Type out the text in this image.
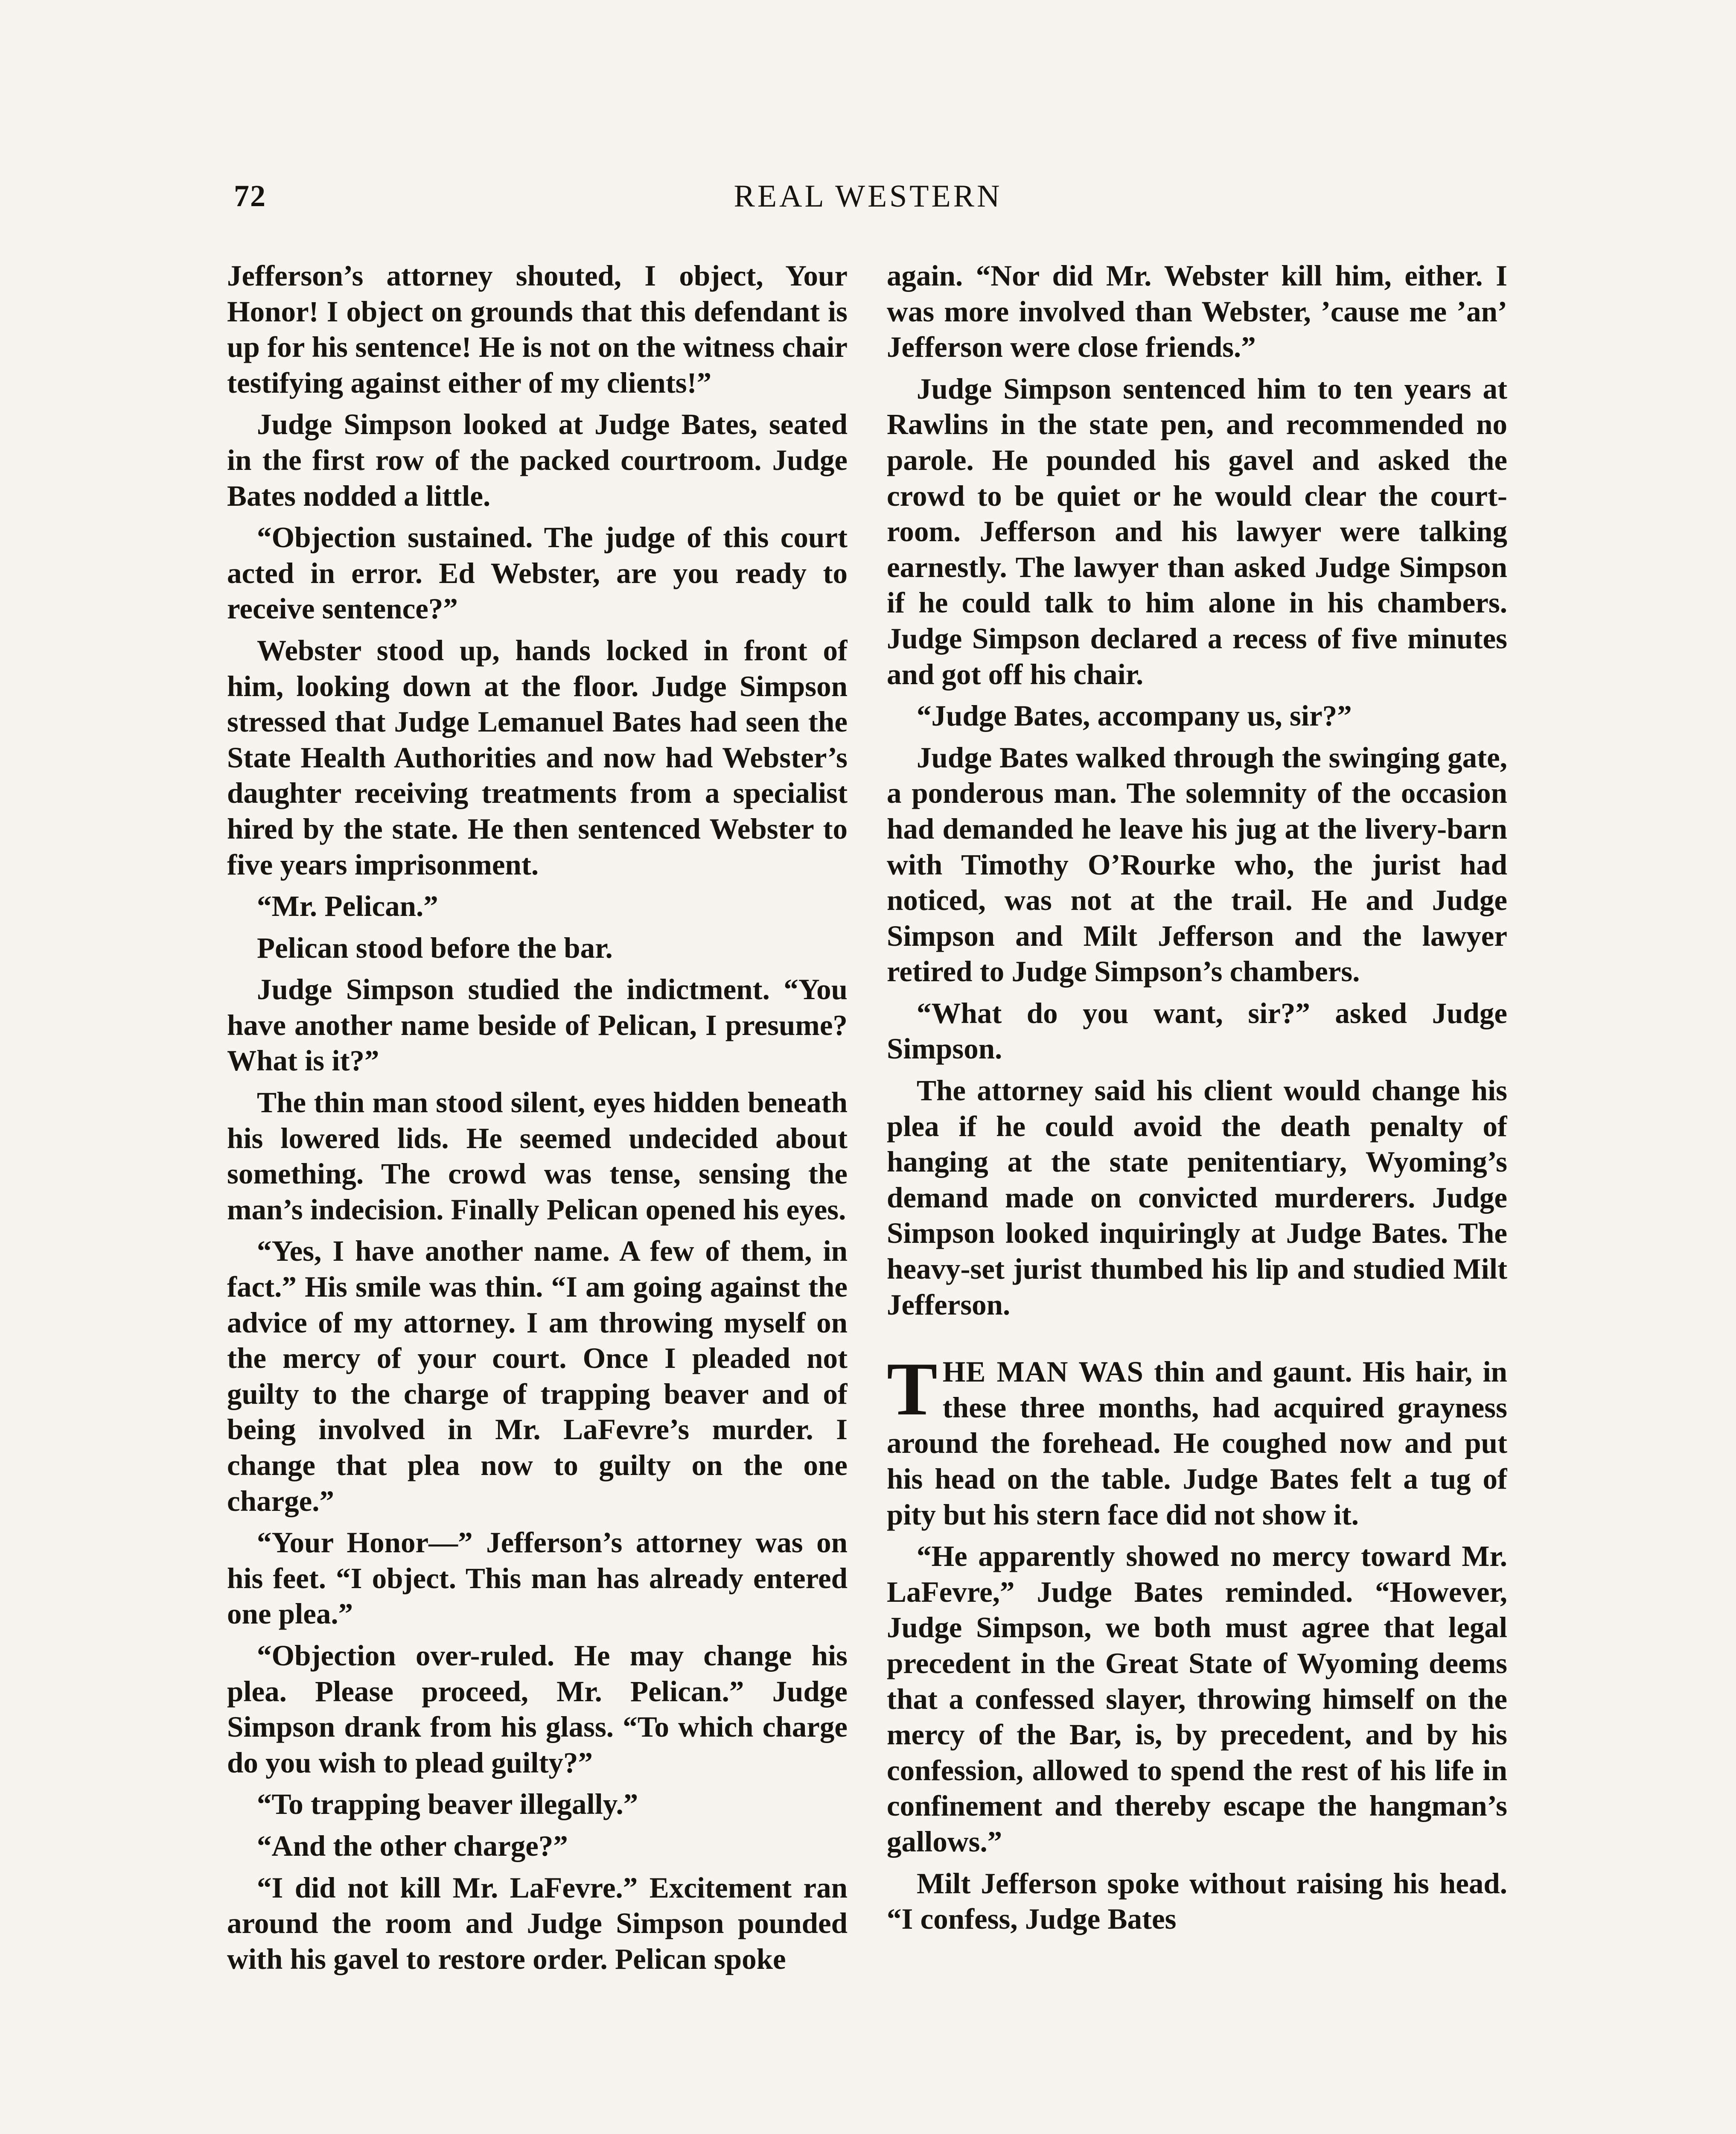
72	REAL WESTERN

Jefferson’s attorney shouted, I object, Your Honor! I object on grounds that this defendant is up for his sentence! He is not on the witness chair testifying against either of my clients!”

Judge Simpson looked at Judge Bates, seated in the first row of the packed courtroom. Judge Bates nodded a little.

“Objection sustained. The judge of this court acted in error. Ed Webster, are you ready to receive sentence?”

Webster stood up, hands locked in front of him, looking down at the floor. Judge Simpson stressed that Judge Lemanuel Bates had seen the State Health Authorities and now had Webster’s daughter receiving treatments from a specialist hired by the state. He then sentenced Webster to five years imprisonment.

“Mr. Pelican.”

Pelican stood before the bar.

Judge Simpson studied the indictment. “You have another name beside of Pelican, I presume? What is it?”

The thin man stood silent, eyes hidden beneath his lowered lids. He seemed undecided about something. The crowd was tense, sensing the man’s indecision. Finally Pelican opened his eyes.

“Yes, I have another name. A few of them, in fact.” His smile was thin. “I am going against the advice of my attorney. I am throwing myself on the mercy of your court. Once I pleaded not guilty to the charge of trapping beaver and of being involved in Mr. LaFevre’s murder. I change that plea now to guilty on the one charge.”

“Your Honor—” Jefferson’s attorney was on his feet. “I object. This man has already entered one plea.”

“Objection over-ruled. He may change his plea. Please proceed, Mr. Pelican.” Judge Simpson drank from his glass. “To which charge do you wish to plead guilty?”

“To trapping beaver illegally.”

“And the other charge?”

“I did not kill Mr. LaFevre.” Excitement ran around the room and Judge Simpson pounded with his gavel to restore order. Pelican spoke

again. “Nor did Mr. Webster kill him, either. I was more involved than Webster, ’cause me ’an’ Jefferson were close friends.”

Judge Simpson sentenced him to ten years at Rawlins in the state pen, and recommended no parole. He pounded his gavel and asked the crowd to be quiet or he would clear the court-room. Jefferson and his lawyer were talking earnestly. The lawyer than asked Judge Simpson if he could talk to him alone in his chambers. Judge Simpson declared a recess of five minutes and got off his chair.

“Judge Bates, accompany us, sir?”

Judge Bates walked through the swinging gate, a ponderous man. The solemnity of the occasion had demanded he leave his jug at the livery-barn with Timothy O’Rourke who, the jurist had noticed, was not at the trail. He and Judge Simpson and Milt Jefferson and the lawyer retired to Judge Simpson’s chambers.

“What do you want, sir?” asked Judge Simpson.

The attorney said his client would change his plea if he could avoid the death penalty of hanging at the state penitentiary, Wyoming’s demand made on convicted murderers. Judge Simpson looked inquiringly at Judge Bates. The heavy-set jurist thumbed his lip and studied Milt Jefferson.

THE MAN WAS thin and gaunt. His hair, in these three months, had acquired grayness around the forehead. He coughed now and put his head on the table. Judge Bates felt a tug of pity but his stern face did not show it.

“He apparently showed no mercy toward Mr. LaFevre,” Judge Bates reminded. “However, Judge Simpson, we both must agree that legal precedent in the Great State of Wyoming deems that a confessed slayer, throwing himself on the mercy of the Bar, is, by precedent, and by his confession, allowed to spend the rest of his life in confinement and thereby escape the hangman’s gallows.”

Milt Jefferson spoke without raising his head. “I confess, Judge Bates
